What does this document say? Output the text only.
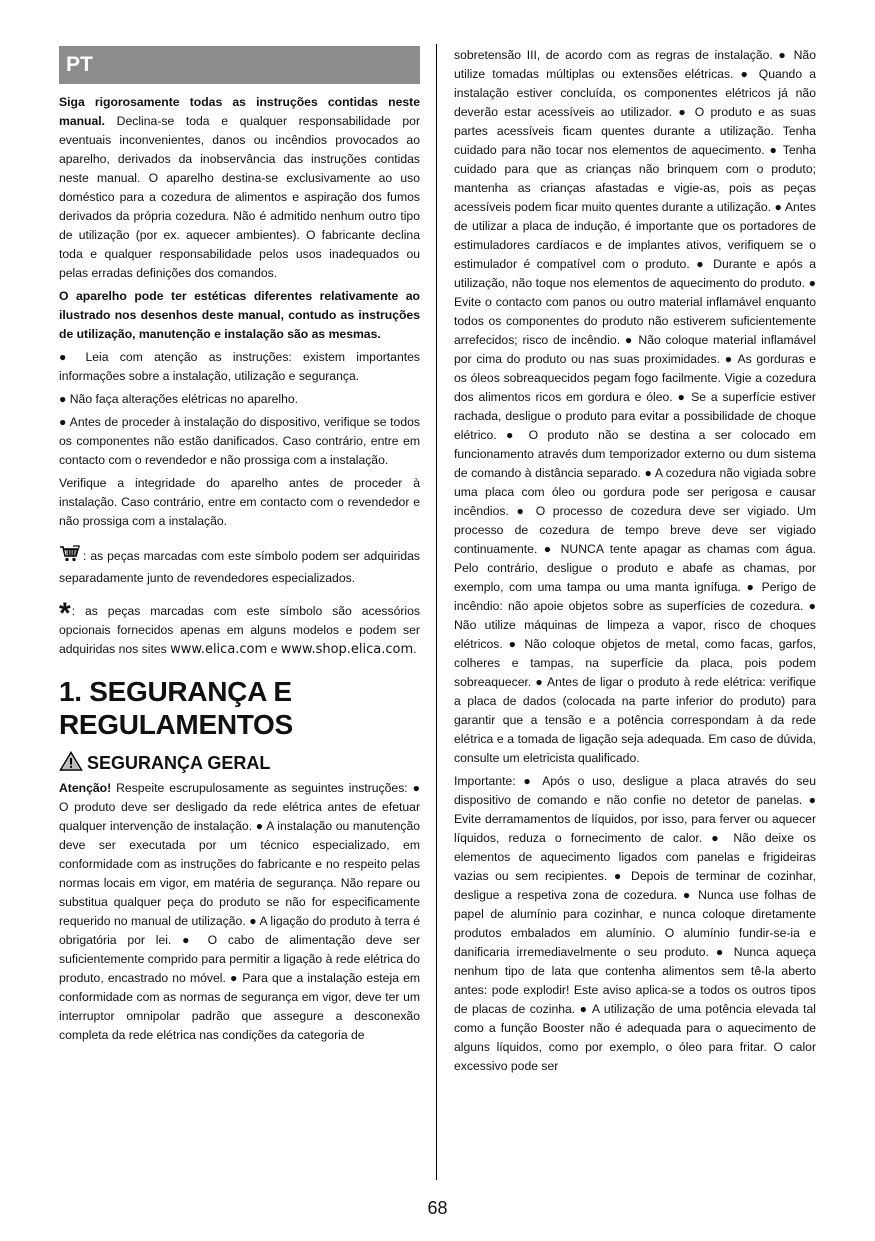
PT

Siga rigorosamente todas as instruções contidas neste manual. Declina-se toda e qualquer responsabilidade por eventuais inconvenientes, danos ou incêndios provocados ao aparelho, derivados da inobservância das instruções contidas neste manual. O aparelho destina-se exclusivamente ao uso doméstico para a cozedura de alimentos e aspiração dos fumos derivados da própria cozedura. Não é admitido nenhum outro tipo de utilização (por ex. aquecer ambientes). O fabricante declina toda e qualquer responsabilidade pelos usos inadequados ou pelas erradas definições dos comandos.

O aparelho pode ter estéticas diferentes relativamente ao ilustrado nos desenhos deste manual, contudo as instruções de utilização, manutenção e instalação são as mesmas.

● Leia com atenção as instruções: existem importantes informações sobre a instalação, utilização e segurança.

● Não faça alterações elétricas no aparelho.

● Antes de proceder à instalação do dispositivo, verifique se todos os componentes não estão danificados. Caso contrário, entre em contacto com o revendedor e não prossiga com a instalação.

Verifique a integridade do aparelho antes de proceder à instalação. Caso contrário, entre em contacto com o revendedor e não prossiga com a instalação.

: as peças marcadas com este símbolo podem ser adquiridas separadamente junto de revendedores especializados.

*: as peças marcadas com este símbolo são acessórios opcionais fornecidos apenas em alguns modelos e podem ser adquiridas nos sites www.elica.com e www.shop.elica.com.

1. SEGURANÇA E
REGULAMENTOS
SEGURANÇA GERAL

Atenção! Respeite escrupulosamente as seguintes instruções: ● O produto deve ser desligado da rede elétrica antes de efetuar qualquer intervenção de instalação. ● A instalação ou manutenção deve ser executada por um técnico especializado, em conformidade com as instruções do fabricante e no respeito pelas normas locais em vigor, em matéria de segurança. Não repare ou substitua qualquer peça do produto se não for especificamente requerido no manual de utilização. ● A ligação do produto à terra é obrigatória por lei. ● O cabo de alimentação deve ser suficientemente comprido para permitir a ligação à rede elétrica do produto, encastrado no móvel. ● Para que a instalação esteja em conformidade com as normas de segurança em vigor, deve ter um interruptor omnipolar padrão que assegure a desconexão completa da rede elétrica nas condições da categoria de

sobretensão III, de acordo com as regras de instalação. ● Não utilize tomadas múltiplas ou extensões elétricas. ● Quando a instalação estiver concluída, os componentes elétricos já não deverão estar acessíveis ao utilizador. ● O produto e as suas partes acessíveis ficam quentes durante a utilização. Tenha cuidado para não tocar nos elementos de aquecimento. ● Tenha cuidado para que as crianças não brinquem com o produto; mantenha as crianças afastadas e vigie-as, pois as peças acessíveis podem ficar muito quentes durante a utilização. ● Antes de utilizar a placa de indução, é importante que os portadores de estimuladores cardíacos e de implantes ativos, verifiquem se o estimulador é compatível com o produto. ● Durante e após a utilização, não toque nos elementos de aquecimento do produto. ● Evite o contacto com panos ou outro material inflamável enquanto todos os componentes do produto não estiverem suficientemente arrefecidos; risco de incêndio. ● Não coloque material inflamável por cima do produto ou nas suas proximidades. ● As gorduras e os óleos sobreaquecidos pegam fogo facilmente. Vigie a cozedura dos alimentos ricos em gordura e óleo. ● Se a superfície estiver rachada, desligue o produto para evitar a possibilidade de choque elétrico. ● O produto não se destina a ser colocado em funcionamento através dum temporizador externo ou dum sistema de comando à distância separado. ● A cozedura não vigiada sobre uma placa com óleo ou gordura pode ser perigosa e causar incêndios. ● O processo de cozedura deve ser vigiado. Um processo de cozedura de tempo breve deve ser vigiado continuamente. ● NUNCA tente apagar as chamas com água. Pelo contrário, desligue o produto e abafe as chamas, por exemplo, com uma tampa ou uma manta ignífuga. ● Perigo de incêndio: não apoie objetos sobre as superfícies de cozedura. ● Não utilize máquinas de limpeza a vapor, risco de choques elétricos. ● Não coloque objetos de metal, como facas, garfos, colheres e tampas, na superfície da placa, pois podem sobreaquecer. ● Antes de ligar o produto à rede elétrica: verifique a placa de dados (colocada na parte inferior do produto) para garantir que a tensão e a potência correspondam à da rede elétrica e a tomada de ligação seja adequada. Em caso de dúvida, consulte um eletricista qualificado.

Importante: ● Após o uso, desligue a placa através do seu dispositivo de comando e não confie no detetor de panelas. ● Evite derramamentos de líquidos, por isso, para ferver ou aquecer líquidos, reduza o fornecimento de calor. ● Não deixe os elementos de aquecimento ligados com panelas e frigideiras vazias ou sem recipientes. ● Depois de terminar de cozinhar, desligue a respetiva zona de cozedura. ● Nunca use folhas de papel de alumínio para cozinhar, e nunca coloque diretamente produtos embalados em alumínio. O alumínio fundir-se-ia e danificaria irremediavelmente o seu produto. ● Nunca aqueça nenhum tipo de lata que contenha alimentos sem tê-la aberto antes: pode explodir! Este aviso aplica-se a todos os outros tipos de placas de cozinha. ● A utilização de uma potência elevada tal como a função Booster não é adequada para o aquecimento de alguns líquidos, como por exemplo, o óleo para fritar. O calor excessivo pode ser

68
